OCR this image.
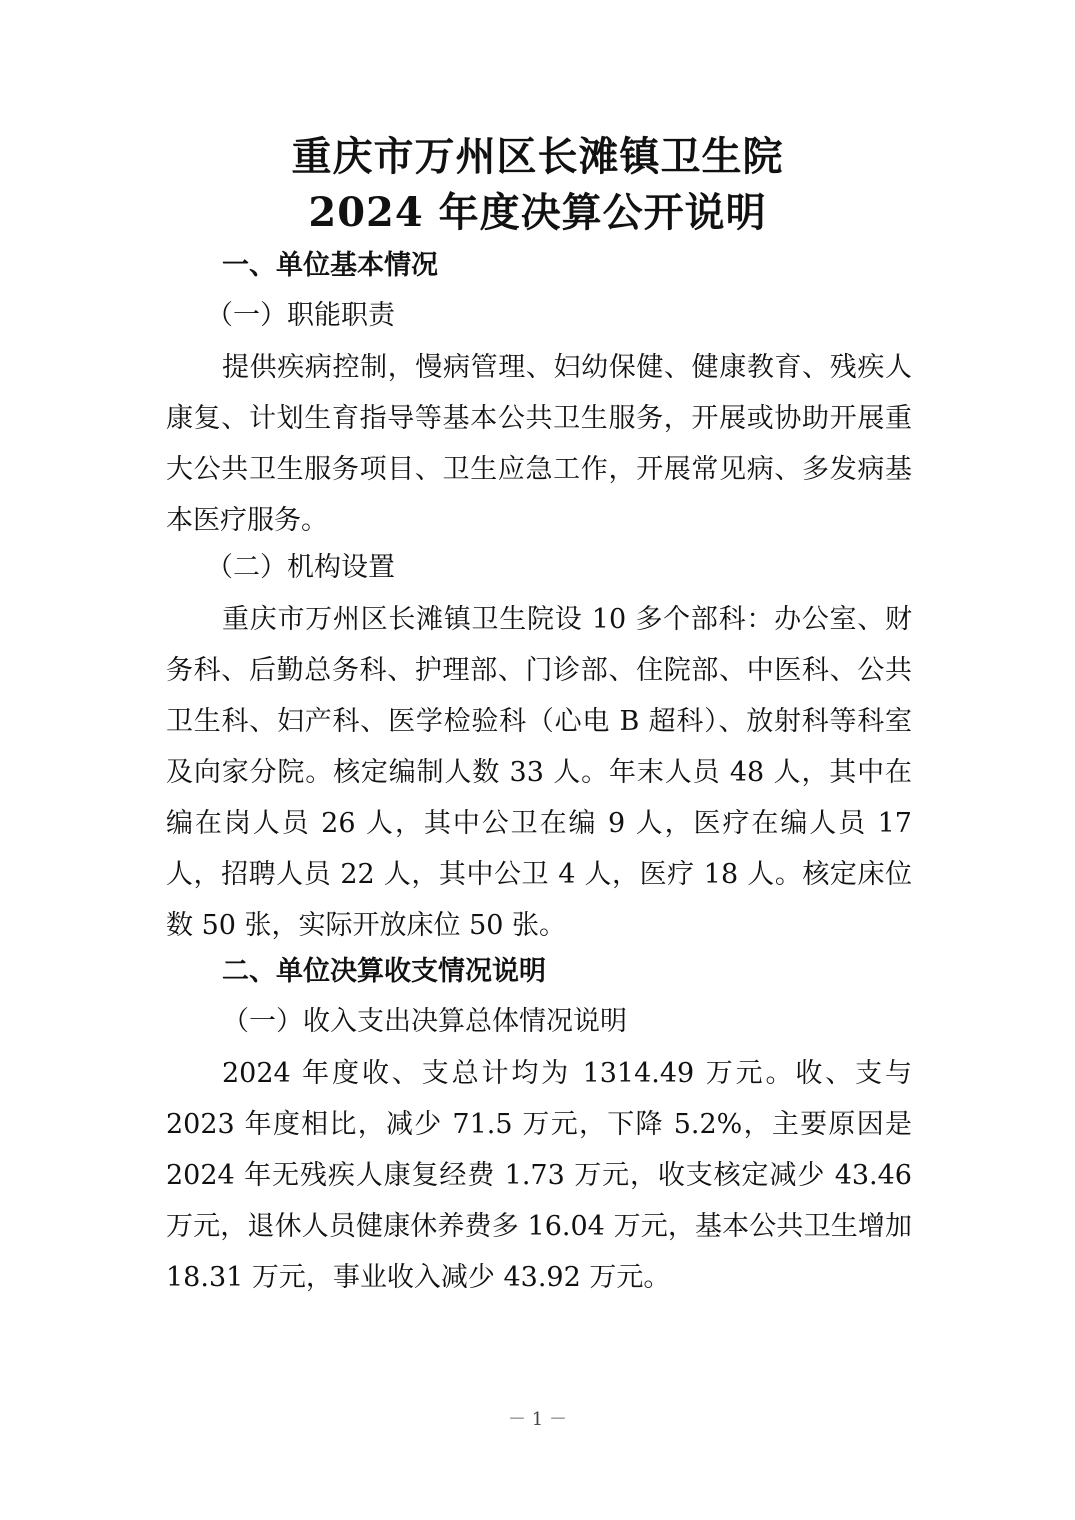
重庆市万州区长滩镇卫生院
2024 年度决算公开说明
一、单位基本情况
（一）职能职责

提供疾病控制，慢病管理、妇幼保健、健康教育、残疾人康复、计划生育指导等基本公共卫生服务，开展或协助开展重大公共卫生服务项目、卫生应急工作，开展常见病、多发病基本医疗服务。

（二）机构设置

重庆市万州区长滩镇卫生院设 10 多个部科：办公室、财务科、后勤总务科、护理部、门诊部、住院部、中医科、公共卫生科、妇产科、医学检验科（心电 B 超科）、放射科等科室及向家分院。核定编制人数 33 人。年末人员 48 人，其中在编在岗人员 26 人，其中公卫在编 9 人，医疗在编人员 17 人，招聘人员 22 人，其中公卫 4 人，医疗 18 人。核定床位数 50 张，实际开放床位 50 张。

二、单位决算收支情况说明
（一）收入支出决算总体情况说明

2024 年度收、支总计均为 1314.49 万元。收、支与 2023 年度相比，减少 71.5 万元，下降 5.2%，主要原因是 2024 年无残疾人康复经费 1.73 万元，收支核定减少 43.46 万元，退休人员健康休养费多 16.04 万元，基本公共卫生增加 18.31 万元，事业收入减少 43.92 万元。

－ 1 －
